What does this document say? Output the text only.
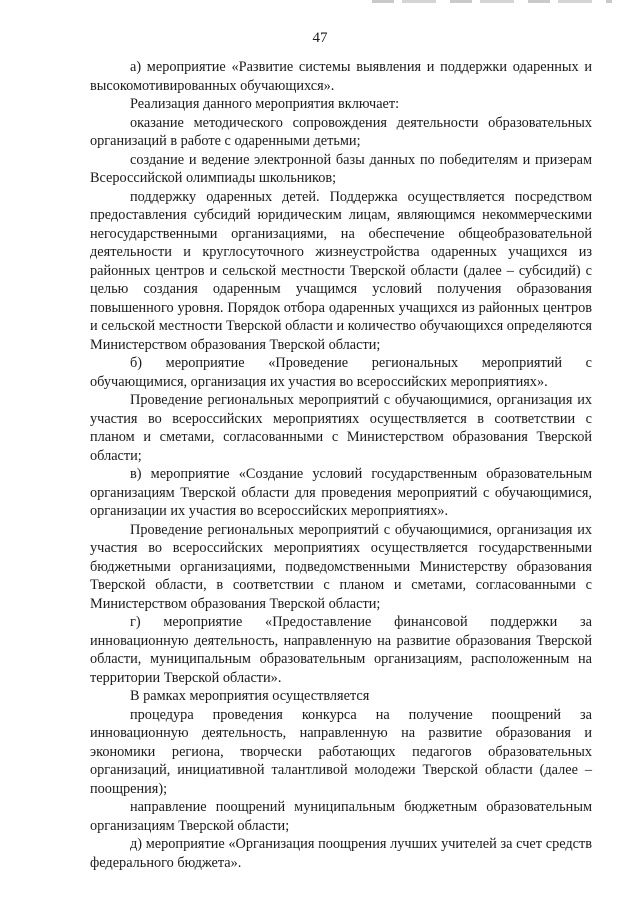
47

а) мероприятие «Развитие системы выявления и поддержки одаренных и высокомотивированных обучающихся».

Реализация данного мероприятия включает:

оказание методического сопровождения деятельности образовательных организаций в работе с одаренными детьми;

создание и ведение электронной базы данных по победителям и призерам Всероссийской олимпиады школьников;

поддержку одаренных детей. Поддержка осуществляется посредством предоставления субсидий юридическим лицам, являющимся некоммерческими негосударственными организациями, на обеспечение общеобразовательной деятельности и круглосуточного жизнеустройства одаренных учащихся из районных центров и сельской местности Тверской области (далее – субсидий) с целью создания одаренным учащимся условий получения образования повышенного уровня. Порядок отбора одаренных учащихся из районных центров и сельской местности Тверской области и количество обучающихся определяются Министерством образования Тверской области;

б) мероприятие «Проведение региональных мероприятий с обучающимися, организация их участия во всероссийских мероприятиях».

Проведение региональных мероприятий с обучающимися, организация их участия во всероссийских мероприятиях осуществляется в соответствии с планом и сметами, согласованными с Министерством образования Тверской области;

в) мероприятие «Создание условий государственным образовательным организациям Тверской области для проведения мероприятий с обучающимися, организации их участия во всероссийских мероприятиях».

Проведение региональных мероприятий с обучающимися, организация их участия во всероссийских мероприятиях осуществляется государственными бюджетными организациями, подведомственными Министерству образования Тверской области, в соответствии с планом и сметами, согласованными с Министерством образования Тверской области;

г) мероприятие «Предоставление финансовой поддержки за инновационную деятельность, направленную на развитие образования Тверской области, муниципальным образовательным организациям, расположенным на территории Тверской области».

В рамках мероприятия осуществляется

процедура проведения конкурса на получение поощрений за инновационную деятельность, направленную на развитие образования и экономики региона, творчески работающих педагогов образовательных организаций, инициативной талантливой молодежи Тверской области (далее – поощрения);

направление поощрений муниципальным бюджетным образовательным организациям Тверской области;

д) мероприятие «Организация поощрения лучших учителей за счет средств федерального бюджета».
